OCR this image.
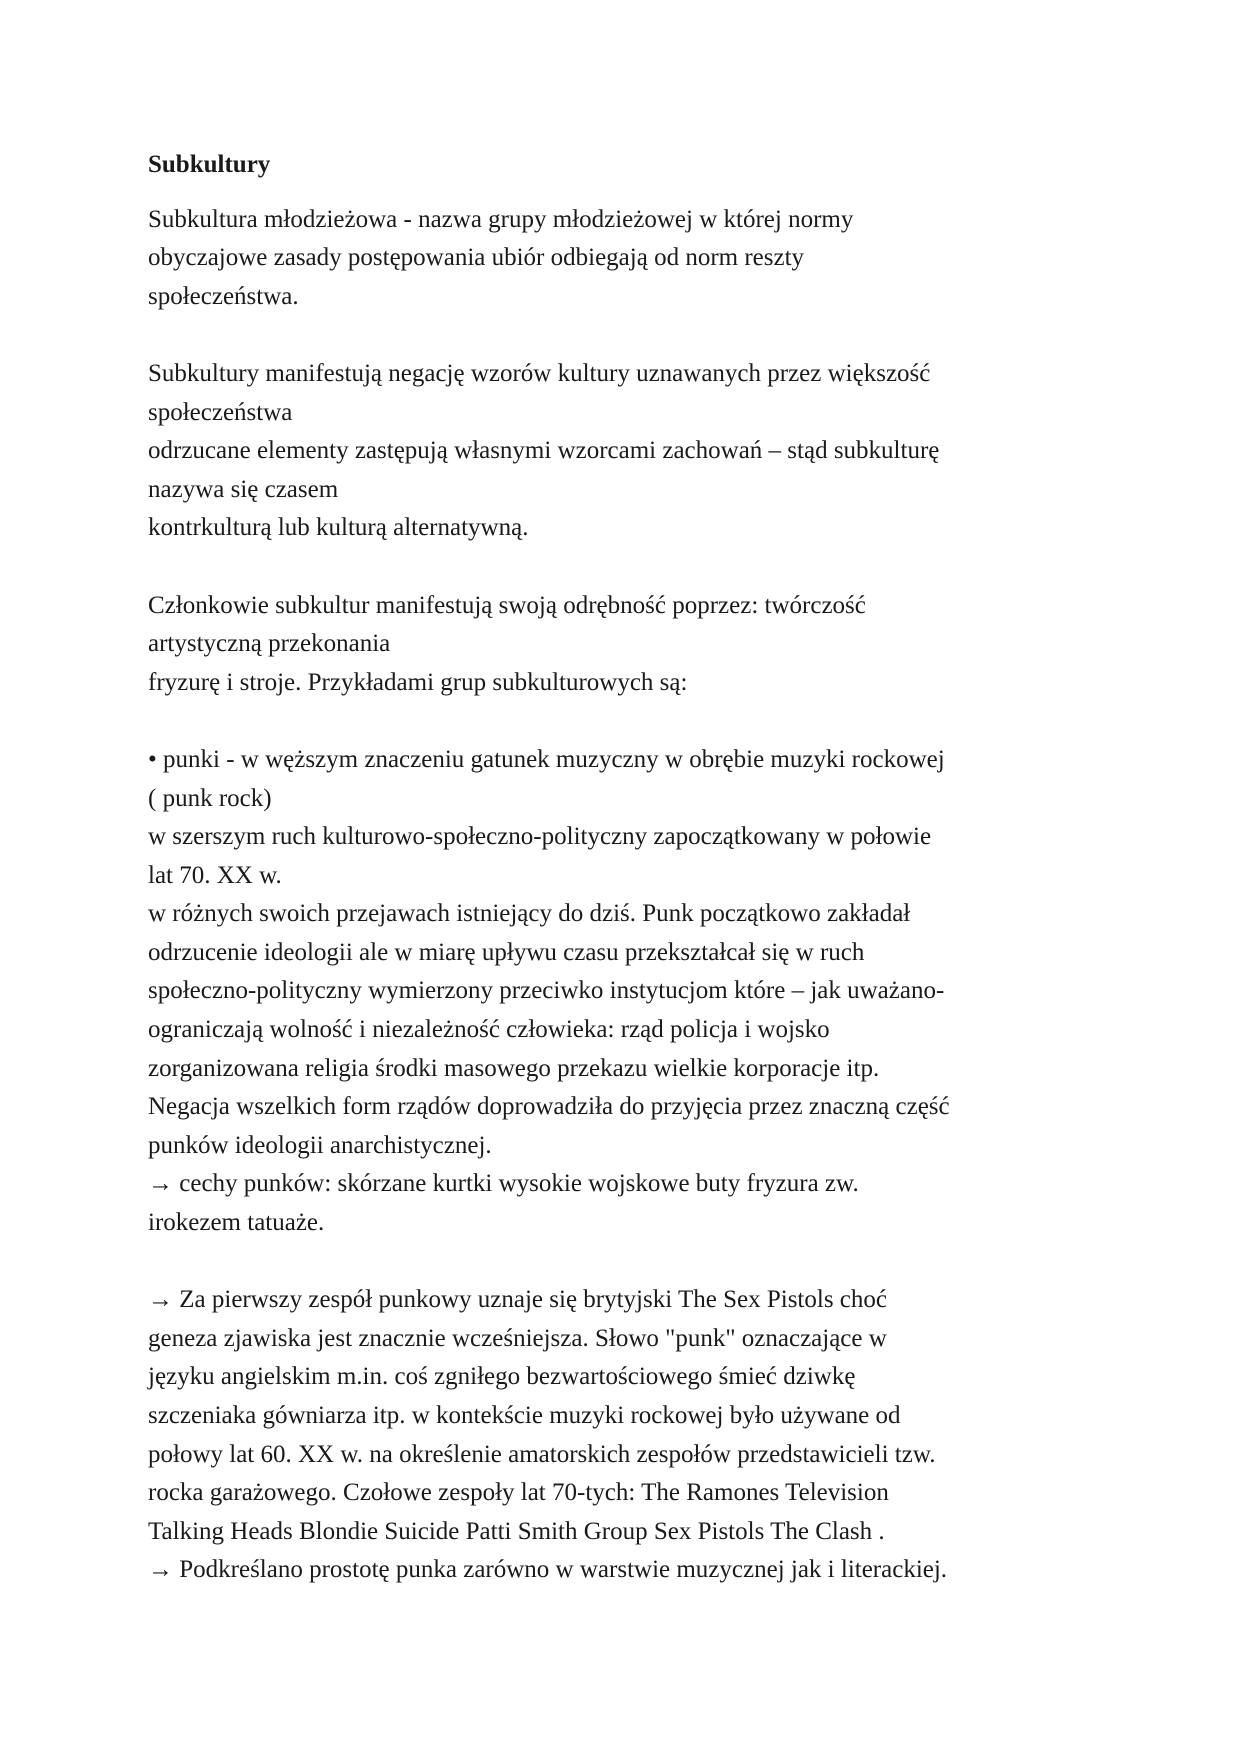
Subkultury
Subkultura młodzieżowa - nazwa grupy młodzieżowej w której normy
obyczajowe zasady postępowania ubiór odbiegają od norm reszty
społeczeństwa.
Subkultury manifestują negację wzorów kultury uznawanych przez większość
społeczeństwa
odrzucane elementy zastępują własnymi wzorcami zachowań – stąd subkulturę
nazywa się czasem
kontrkulturą lub kulturą alternatywną.
Członkowie subkultur manifestują swoją odrębność poprzez: twórczość
artystyczną przekonania
fryzurę i stroje. Przykładami grup subkulturowych są:
• punki - w węższym znaczeniu gatunek muzyczny w obrębie muzyki rockowej
( punk rock)
w szerszym ruch kulturowo-społeczno-polityczny zapoczątkowany w połowie
lat 70. XX w.
w różnych swoich przejawach istniejący do dziś. Punk początkowo zakładał
odrzucenie ideologii ale w miarę upływu czasu przekształcał się w ruch
społeczno-polityczny wymierzony przeciwko instytucjom które – jak uważano-
ograniczają wolność i niezależność człowieka: rząd policja i wojsko
zorganizowana religia środki masowego przekazu wielkie korporacje itp.
Negacja wszelkich form rządów doprowadziła do przyjęcia przez znaczną część
punków ideologii anarchistycznej.
→ cechy punków: skórzane kurtki wysokie wojskowe buty fryzura zw.
irokezem tatuaże.
→ Za pierwszy zespół punkowy uznaje się brytyjski The Sex Pistols choć
geneza zjawiska jest znacznie wcześniejsza. Słowo "punk" oznaczające w
języku angielskim m.in. coś zgniłego bezwartościowego śmieć dziwkę
szczeniaka gówniarza itp. w kontekście muzyki rockowej było używane od
połowy lat 60. XX w. na określenie amatorskich zespołów przedstawicieli tzw.
rocka garażowego. Czołowe zespoły lat 70-tych: The Ramones Television
Talking Heads Blondie Suicide Patti Smith Group Sex Pistols The Clash .
→ Podkreślano prostotę punka zarówno w warstwie muzycznej jak i literackiej.
